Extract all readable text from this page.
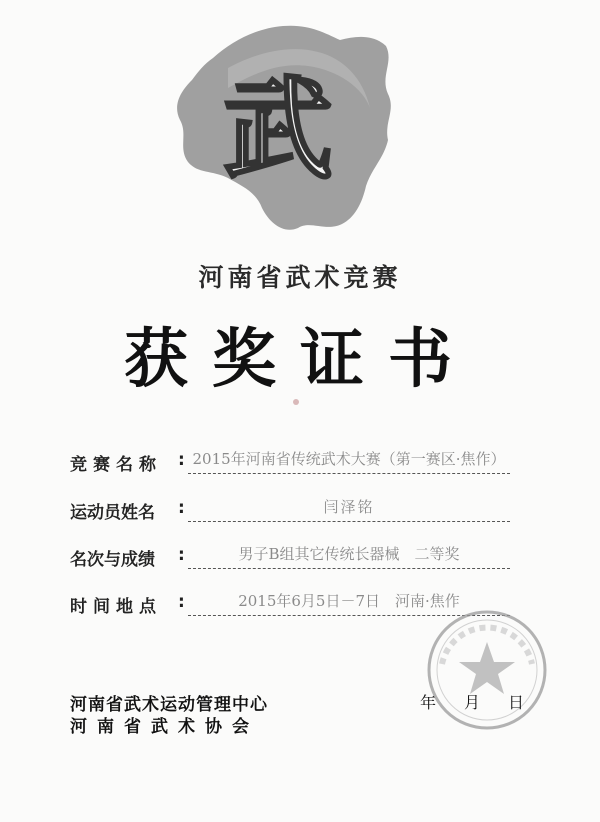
武
河南省武术竞赛
获奖证书
竞赛名称 : 2015年河南省传统武术大赛（第一赛区·焦作）
运动员姓名	:	闫泽铭
名次与成绩	:	男子B组其它传统长器械　二等奖
时间地点 :	2015年6月5日－7日　河南·焦作
河南省武术运动管理中心
河南省武术协会
年 月 日
